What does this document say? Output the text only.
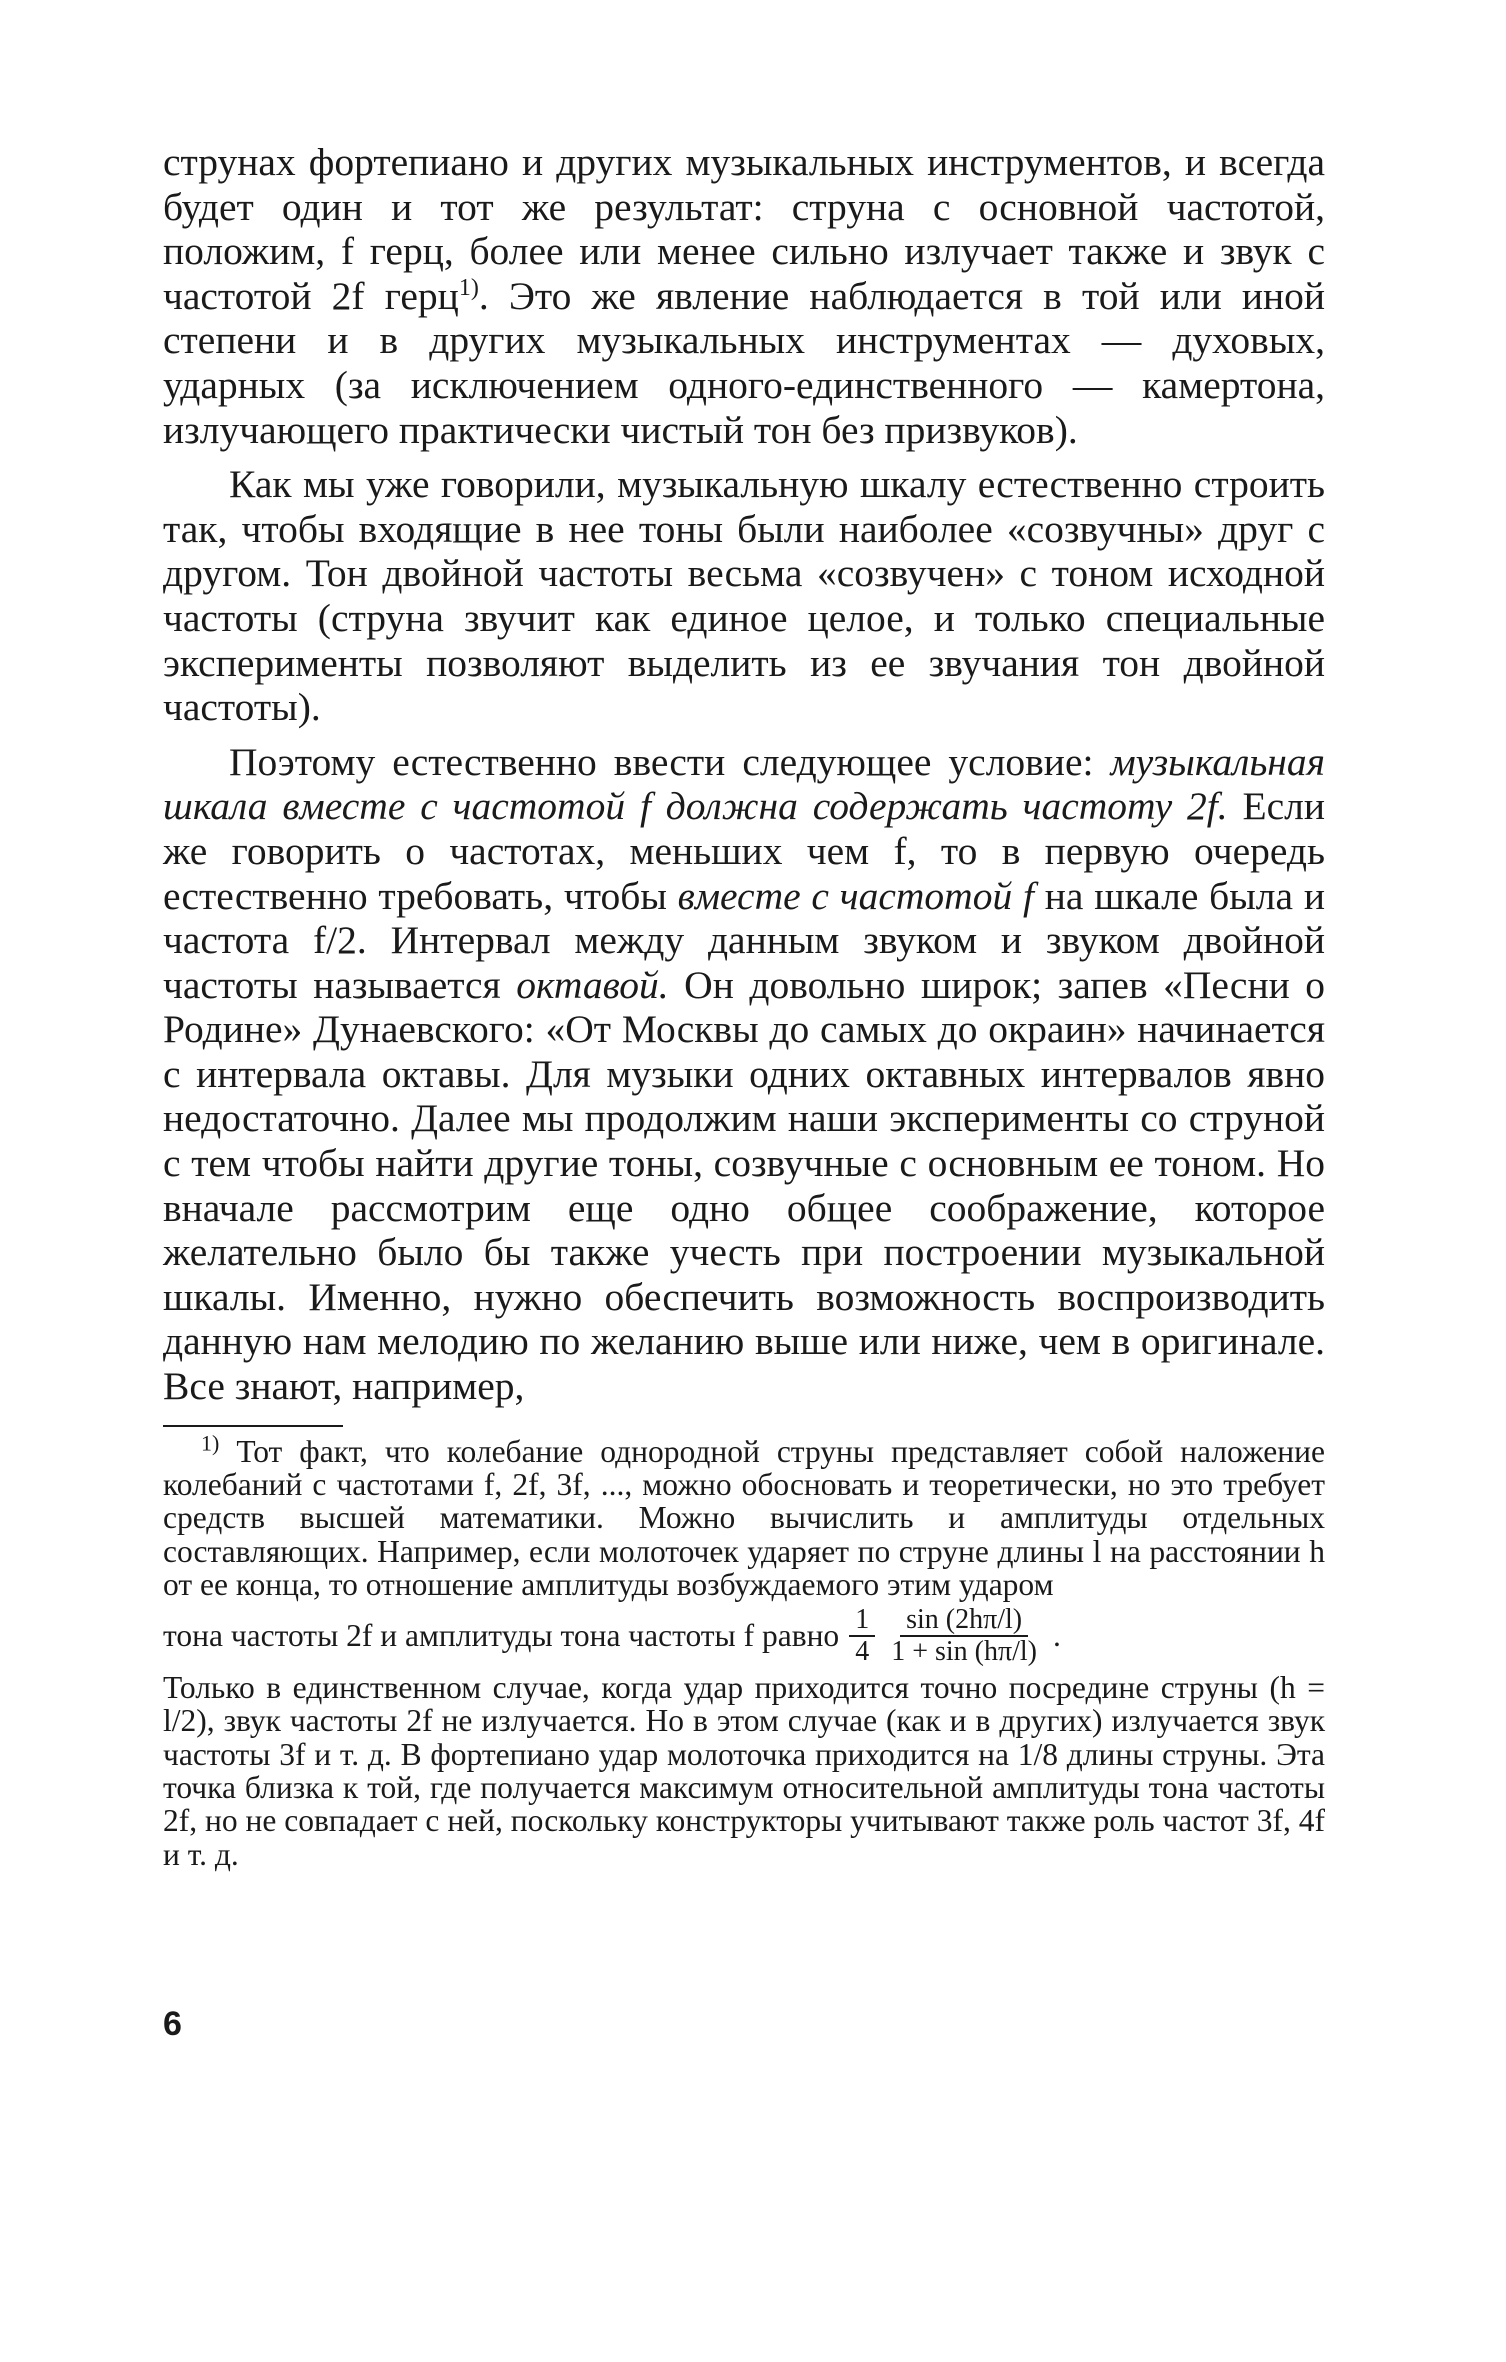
струнах фортепиано и других музыкальных инструментов, и всегда будет один и тот же результат: струна с основной частотой, положим, f герц, более или менее сильно излучает также и звук с частотой 2f герц$^{1)}$. Это же явление наблюдается в той или иной степени и в других музыкальных инструментах — духовых, ударных (за исключением одного-единственного — камертона, излучающего практически чистый тон без призвуков).

Как мы уже говорили, музыкальную шкалу естественно строить так, чтобы входящие в нее тоны были наиболее «созвучны» друг с другом. Тон двойной частоты весьма «созвучен» с тоном исходной частоты (струна звучит как единое целое, и только специальные эксперименты позволяют выделить из ее звучания тон двойной частоты).

Поэтому естественно ввести следующее условие: музыкальная шкала вместе с частотой f должна содержать частоту 2f. Если же говорить о частотах, меньших чем f, то в первую очередь естественно требовать, чтобы вместе с частотой f на шкале была и частота f/2. Интервал между данным звуком и звуком двойной частоты называется октавой. Он довольно широк; запев «Песни о Родине» Дунаевского: «От Москвы до самых до окраин» начинается с интервала октавы. Для музыки одних октавных интервалов явно недостаточно. Далее мы продолжим наши эксперименты со струной с тем чтобы найти другие тоны, созвучные с основным ее тоном. Но вначале рассмотрим еще одно общее соображение, которое желательно было бы также учесть при построении музыкальной шкалы. Именно, нужно обеспечить возможность воспроизводить данную нам мелодию по желанию выше или ниже, чем в оригинале. Все знают, например,

$^{1)}$ Тот факт, что колебание однородной струны представляет собой наложение колебаний с частотами f, 2f, 3f, ..., можно обосновать и теоретически, но это требует средств высшей математики. Можно вычислить и амплитуды отдельных составляющих. Например, если молоточек ударяет по струне длины l на расстоянии h от ее конца, то отношение амплитуды возбуждаемого этим ударом

тона частоты 2f и амплитуды тона частоты f равно $\frac{1}{4} \frac{\sin (2h\pi/l)}{1 + \sin (h\pi/l)}$ .

Только в единственном случае, когда удар приходится точно посредине струны (h = l/2), звук частоты 2f не излучается. Но в этом случае (как и в других) излучается звук частоты 3f и т. д. В фортепиано удар молоточка приходится на 1/8 длины струны. Эта точка близка к той, где получается максимум относительной амплитуды тона частоты 2f, но не совпадает с ней, поскольку конструкторы учитывают также роль частот 3f, 4f и т. д.

6
